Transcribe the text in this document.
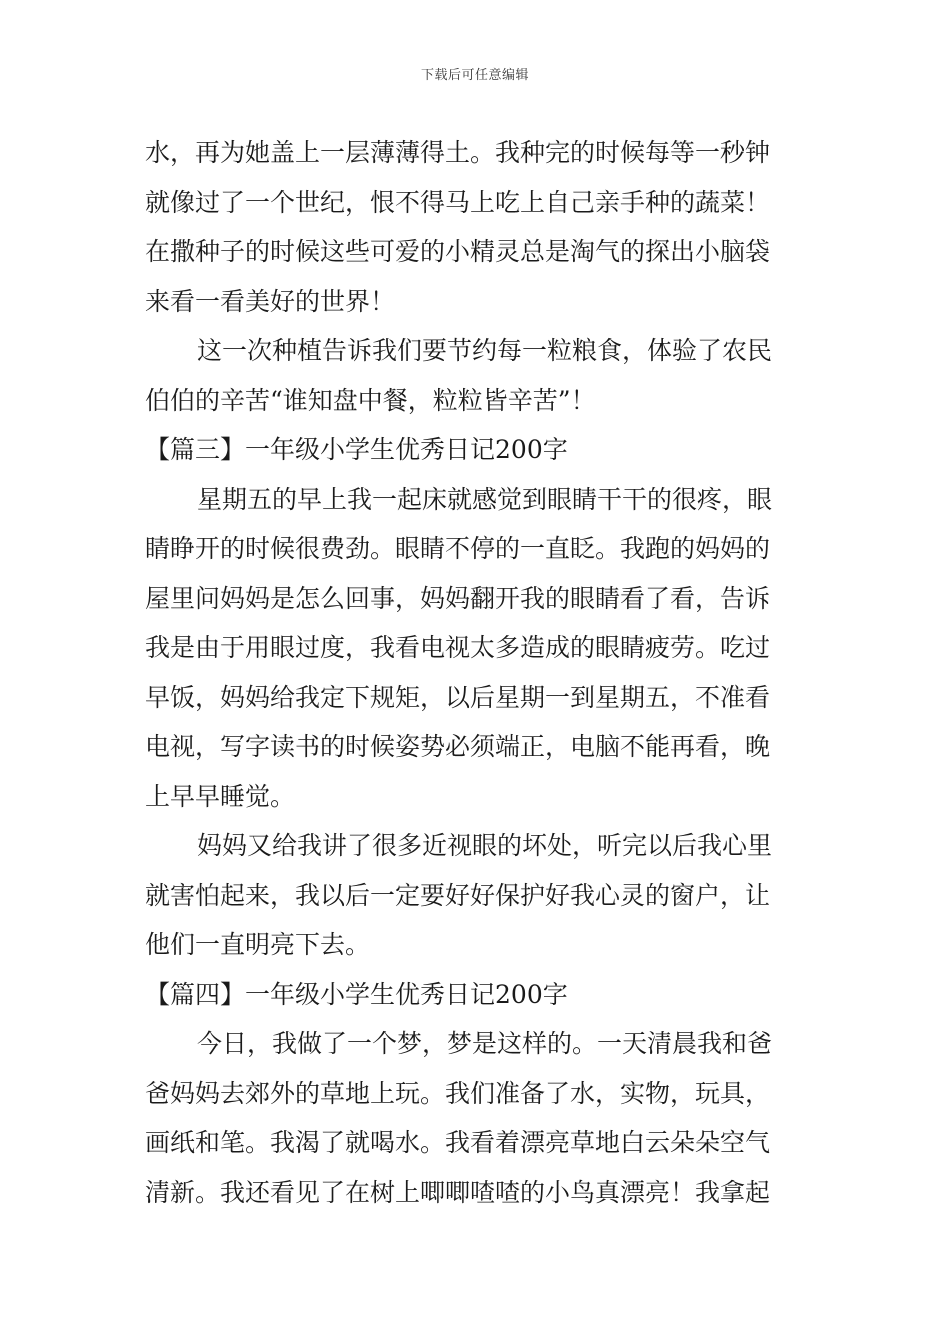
下载后可任意编辑
水，再为她盖上一层薄薄得土。我种完的时候每等一秒钟
就像过了一个世纪，恨不得马上吃上自己亲手种的蔬菜！
在撒种子的时候这些可爱的小精灵总是淘气的探出小脑袋
来看一看美好的世界！
这一次种植告诉我们要节约每一粒粮食，体验了农民
伯伯的辛苦“谁知盘中餐，粒粒皆辛苦”！
【篇三】一年级小学生优秀日记200字
星期五的早上我一起床就感觉到眼睛干干的很疼，眼
睛睁开的时候很费劲。眼睛不停的一直眨。我跑的妈妈的
屋里问妈妈是怎么回事，妈妈翻开我的眼睛看了看，告诉
我是由于用眼过度，我看电视太多造成的眼睛疲劳。吃过
早饭，妈妈给我定下规矩，以后星期一到星期五，不准看
电视，写字读书的时候姿势必须端正，电脑不能再看，晚
上早早睡觉。
妈妈又给我讲了很多近视眼的坏处，听完以后我心里
就害怕起来，我以后一定要好好保护好我心灵的窗户，让
他们一直明亮下去。
【篇四】一年级小学生优秀日记200字
今日，我做了一个梦，梦是这样的。一天清晨我和爸
爸妈妈去郊外的草地上玩。我们准备了水，实物，玩具，
画纸和笔。我渴了就喝水。我看着漂亮草地白云朵朵空气
清新。我还看见了在树上唧唧喳喳的小鸟真漂亮！我拿起
